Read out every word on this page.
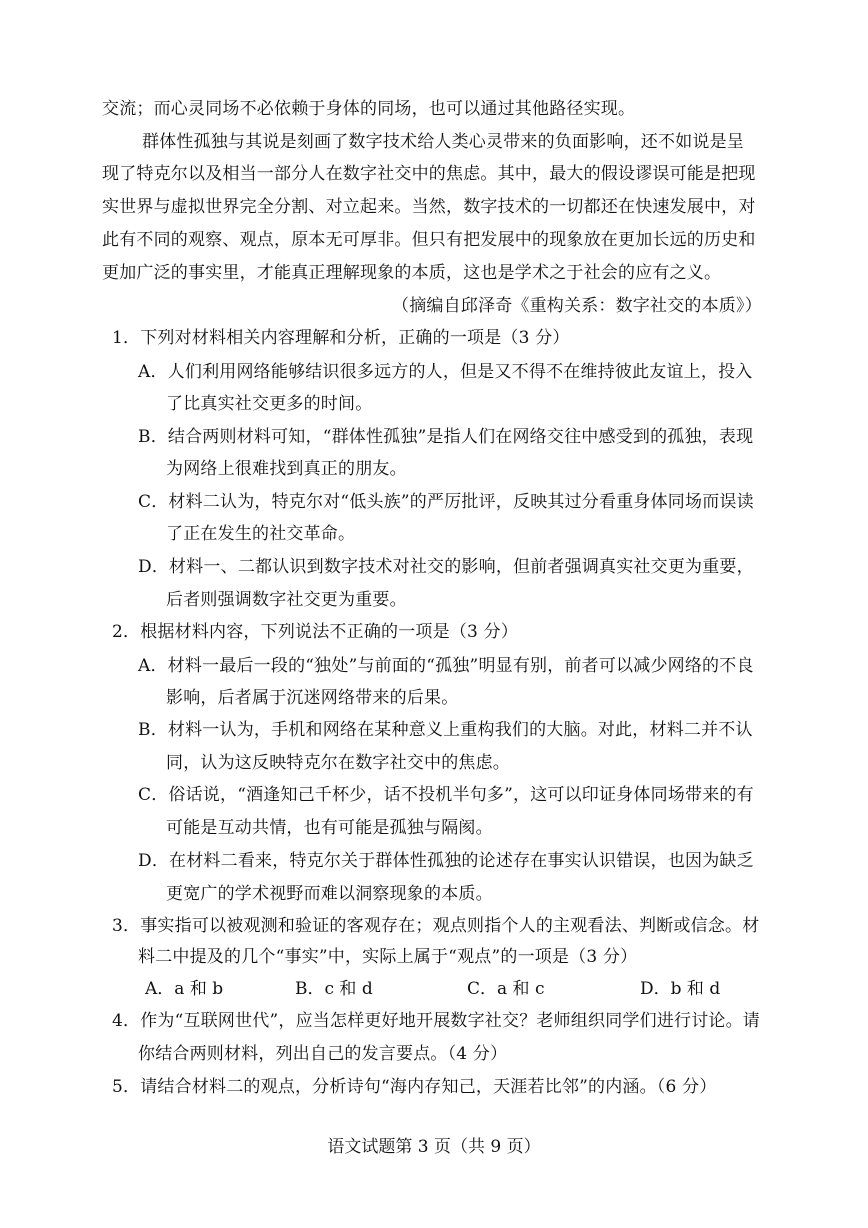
交流；而心灵同场不必依赖于身体的同场，也可以通过其他路径实现。
群体性孤独与其说是刻画了数字技术给人类心灵带来的负面影响，还不如说是呈
现了特克尔以及相当一部分人在数字社交中的焦虑。其中，最大的假设谬误可能是把现
实世界与虚拟世界完全分割、对立起来。当然，数字技术的一切都还在快速发展中，对
此有不同的观察、观点，原本无可厚非。但只有把发展中的现象放在更加长远的历史和
更加广泛的事实里，才能真正理解现象的本质，这也是学术之于社会的应有之义。
（摘编自邱泽奇《重构关系：数字社交的本质》）
1．下列对材料相关内容理解和分析，正确的一项是（3 分）
A．人们利用网络能够结识很多远方的人，但是又不得不在维持彼此友谊上，投入
了比真实社交更多的时间。
B．结合两则材料可知，“群体性孤独”是指人们在网络交往中感受到的孤独，表现
为网络上很难找到真正的朋友。
C．材料二认为，特克尔对“低头族”的严厉批评，反映其过分看重身体同场而误读
了正在发生的社交革命。
D．材料一、二都认识到数字技术对社交的影响，但前者强调真实社交更为重要，
后者则强调数字社交更为重要。
2．根据材料内容，下列说法不正确的一项是（3 分）
A．材料一最后一段的“独处”与前面的“孤独”明显有别，前者可以减少网络的不良
影响，后者属于沉迷网络带来的后果。
B．材料一认为，手机和网络在某种意义上重构我们的大脑。对此，材料二并不认
同，认为这反映特克尔在数字社交中的焦虑。
C．俗话说，“酒逢知己千杯少，话不投机半句多”，这可以印证身体同场带来的有
可能是互动共情，也有可能是孤独与隔阂。
D．在材料二看来，特克尔关于群体性孤独的论述存在事实认识错误，也因为缺乏
更宽广的学术视野而难以洞察现象的本质。
3．事实指可以被观测和验证的客观存在；观点则指个人的主观看法、判断或信念。材
料二中提及的几个“事实”中，实际上属于“观点”的一项是（3 分）
A．a 和 b	B．c 和 d	C．a 和 c	D．b 和 d
4．作为“互联网世代”，应当怎样更好地开展数字社交？老师组织同学们进行讨论。请
你结合两则材料，列出自己的发言要点。（4 分）
5．请结合材料二的观点，分析诗句“海内存知己，天涯若比邻”的内涵。（6 分）
语文试题第 3 页（共 9 页）
